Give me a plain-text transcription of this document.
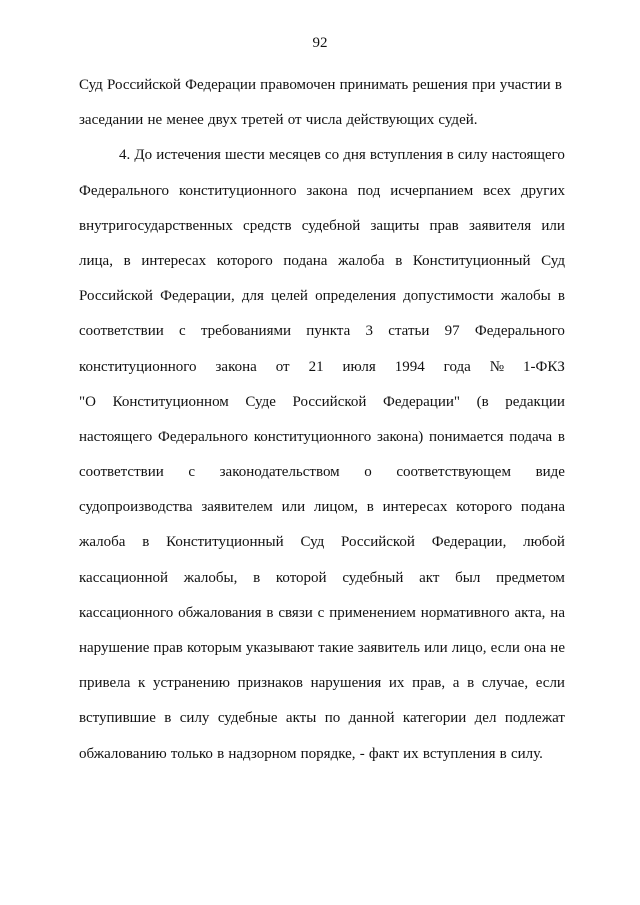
92
Суд Российской Федерации правомочен принимать решения при участии в
заседании не менее двух третей от числа действующих судей.
4. До истечения шести месяцев со дня вступления в силу настоящего
Федерального конституционного закона под исчерпанием всех других
внутригосударственных средств судебной защиты прав заявителя или
лица, в интересах которого подана жалоба в Конституционный Суд
Российской Федерации, для целей определения допустимости жалобы в
соответствии с требованиями пункта 3 статьи 97 Федерального
конституционного закона от 21 июля 1994 года № 1-ФКЗ
"О Конституционном Суде Российской Федерации" (в редакции
настоящего Федерального конституционного закона) понимается подача в
соответствии с законодательством о соответствующем виде
судопроизводства заявителем или лицом, в интересах которого подана
жалоба в Конституционный Суд Российской Федерации, любой
кассационной жалобы, в которой судебный акт был предметом
кассационного обжалования в связи с применением нормативного акта, на
нарушение прав которым указывают такие заявитель или лицо, если она не
привела к устранению признаков нарушения их прав, а в случае, если
вступившие в силу судебные акты по данной категории дел подлежат
обжалованию только в надзорном порядке, - факт их вступления в силу.
